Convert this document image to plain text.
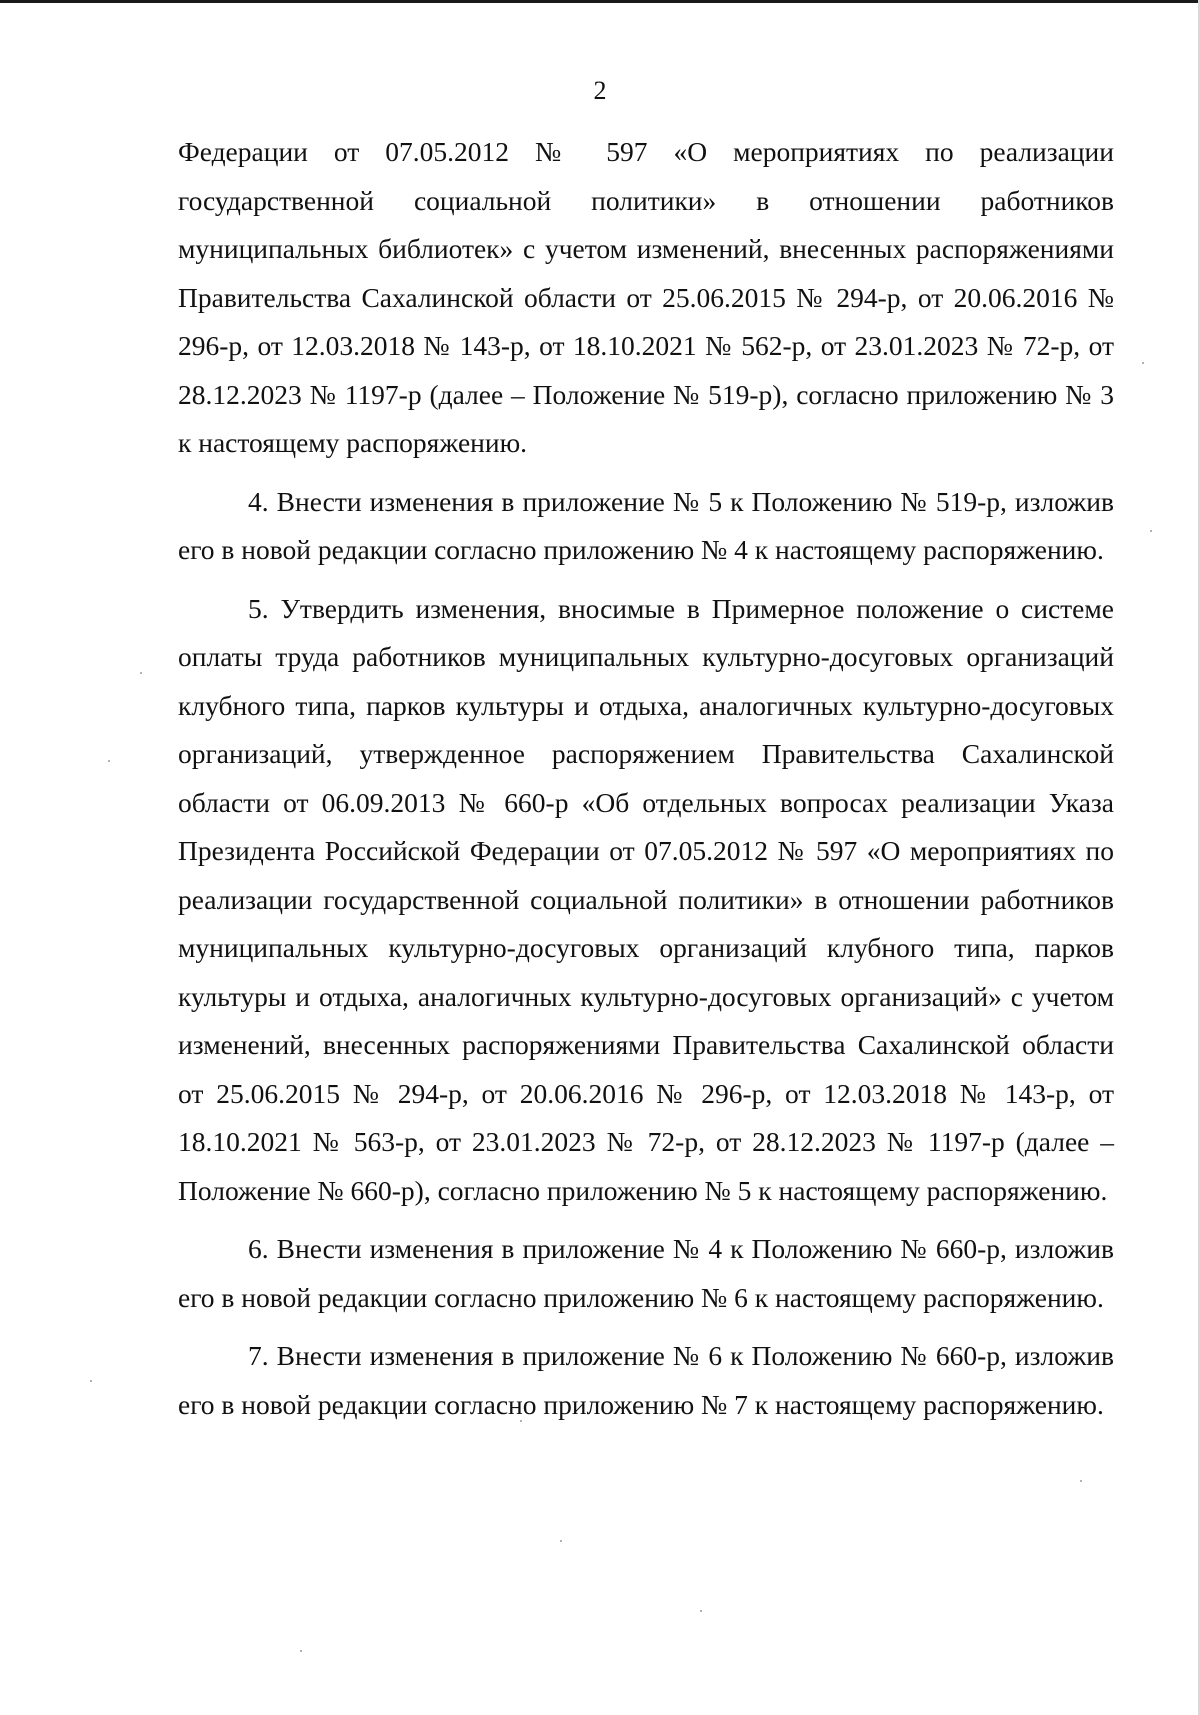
2

Федерации от 07.05.2012 № 597 «О мероприятиях по реализации государственной социальной политики» в отношении работников муниципальных библиотек» с учетом изменений, внесенных распоряжениями Правительства Сахалинской области от 25.06.2015 № 294-р, от 20.06.2016 № 296-р, от 12.03.2018 № 143-р, от 18.10.2021 № 562-р, от 23.01.2023 № 72-р, от 28.12.2023 № 1197-р (далее – Положение № 519-р), согласно приложению № 3 к настоящему распоряжению.

4. Внести изменения в приложение № 5 к Положению № 519-р, изложив его в новой редакции согласно приложению № 4 к настоящему распоряжению.

5. Утвердить изменения, вносимые в Примерное положение о системе оплаты труда работников муниципальных культурно-досуговых организаций клубного типа, парков культуры и отдыха, аналогичных культурно-досуговых организаций, утвержденное распоряжением Правительства Сахалинской области от 06.09.2013 № 660-р «Об отдельных вопросах реализации Указа Президента Российской Федерации от 07.05.2012 № 597 «О мероприятиях по реализации государственной социальной политики» в отношении работников муниципальных культурно-досуговых организаций клубного типа, парков культуры и отдыха, аналогичных культурно-досуговых организаций» с учетом изменений, внесенных распоряжениями Правительства Сахалинской области от 25.06.2015 № 294-р, от 20.06.2016 № 296-р, от 12.03.2018 № 143-р, от 18.10.2021 № 563-р, от 23.01.2023 № 72-р, от 28.12.2023 № 1197-р (далее – Положение № 660-р), согласно приложению № 5 к настоящему распоряжению.

6. Внести изменения в приложение № 4 к Положению № 660-р, изложив его в новой редакции согласно приложению № 6 к настоящему распоряжению.

7. Внести изменения в приложение № 6 к Положению № 660-р, изложив его в новой редакции согласно приложению № 7 к настоящему распоряжению.
